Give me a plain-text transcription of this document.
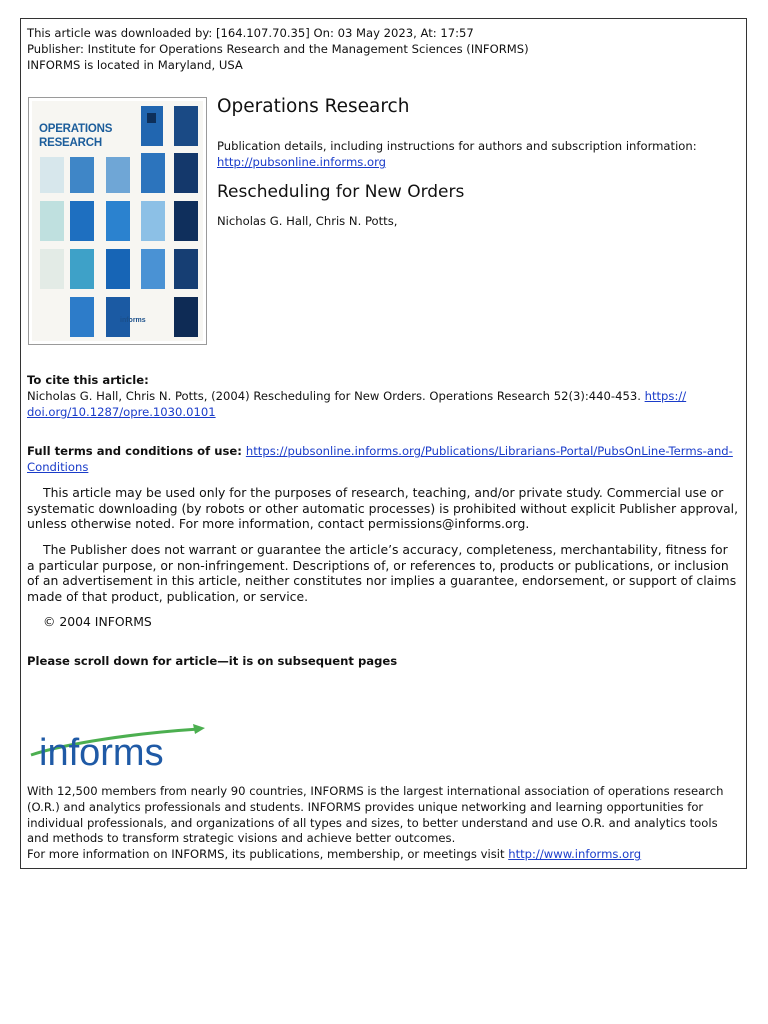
This article was downloaded by: [164.107.70.35] On: 03 May 2023, At: 17:57
Publisher: Institute for Operations Research and the Management Sciences (INFORMS)
INFORMS is located in Maryland, USA
OPERATIONS
RESEARCH
informs
Operations Research
Publication details, including instructions for authors and subscription information:
http://pubsonline.informs.org
Rescheduling for New Orders
Nicholas G. Hall, Chris N. Potts,
To cite this article:
Nicholas G. Hall, Chris N. Potts, (2004) Rescheduling for New Orders. Operations Research 52(3):440-453. https://
doi.org/10.1287/opre.1030.0101
Full terms and conditions of use: https://pubsonline.informs.org/Publications/Librarians-Portal/PubsOnLine-Terms-and-
Conditions
This article may be used only for the purposes of research, teaching, and/or private study. Commercial use or systematic downloading (by robots or other automatic processes) is prohibited without explicit Publisher approval, unless otherwise noted. For more information, contact permissions@informs.org.
The Publisher does not warrant or guarantee the article’s accuracy, completeness, merchantability, fitness for a particular purpose, or non-infringement. Descriptions of, or references to, products or publications, or inclusion of an advertisement in this article, neither constitutes nor implies a guarantee, endorsement, or support of claims made of that product, publication, or service.
© 2004 INFORMS
Please scroll down for article—it is on subsequent pages
informs
With 12,500 members from nearly 90 countries, INFORMS is the largest international association of operations research (O.R.) and analytics professionals and students. INFORMS provides unique networking and learning opportunities for individual professionals, and organizations of all types and sizes, to better understand and use O.R. and analytics tools and methods to transform strategic visions and achieve better outcomes.
For more information on INFORMS, its publications, membership, or meetings visit http://www.informs.org
